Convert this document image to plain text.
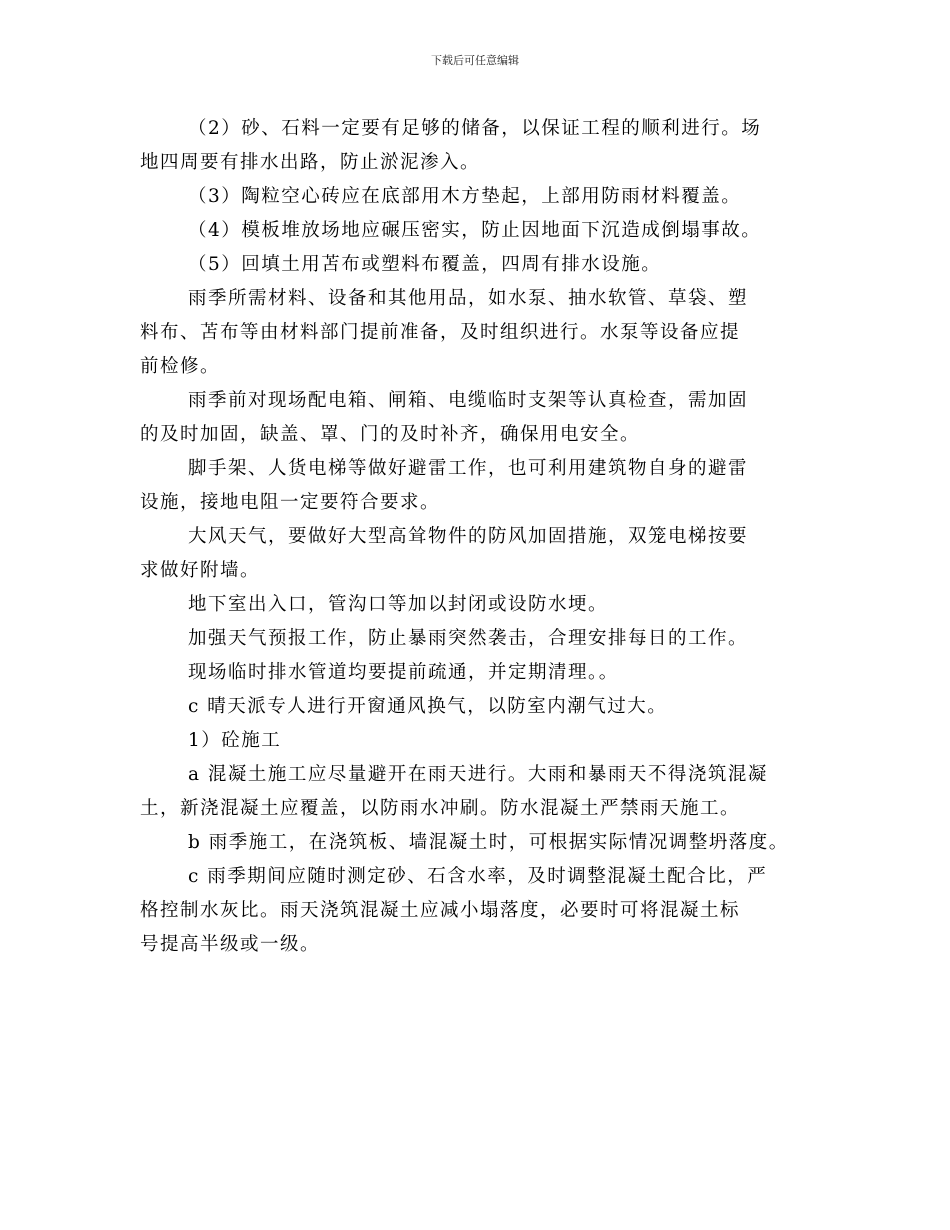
下载后可任意编辑
（2）砂、石料一定要有足够的储备，以保证工程的顺利进行。场
地四周要有排水出路，防止淤泥渗入。
（3）陶粒空心砖应在底部用木方垫起，上部用防雨材料覆盖。
（4）模板堆放场地应碾压密实，防止因地面下沉造成倒塌事故。
（5）回填土用苫布或塑料布覆盖，四周有排水设施。
雨季所需材料、设备和其他用品，如水泵、抽水软管、草袋、塑
料布、苫布等由材料部门提前准备，及时组织进行。水泵等设备应提
前检修。
雨季前对现场配电箱、闸箱、电缆临时支架等认真检查，需加固
的及时加固，缺盖、罩、门的及时补齐，确保用电安全。
脚手架、人货电梯等做好避雷工作，也可利用建筑物自身的避雷
设施，接地电阻一定要符合要求。
大风天气，要做好大型高耸物件的防风加固措施，双笼电梯按要
求做好附墙。
地下室出入口，管沟口等加以封闭或设防水埂。
加强天气预报工作，防止暴雨突然袭击，合理安排每日的工作。
现场临时排水管道均要提前疏通，并定期清理。。
c 晴天派专人进行开窗通风换气，以防室内潮气过大。
1）砼施工
a 混凝土施工应尽量避开在雨天进行。大雨和暴雨天不得浇筑混凝
土，新浇混凝土应覆盖，以防雨水冲刷。防水混凝土严禁雨天施工。
b 雨季施工，在浇筑板、墙混凝土时，可根据实际情况调整坍落度。
c 雨季期间应随时测定砂、石含水率，及时调整混凝土配合比，严
格控制水灰比。雨天浇筑混凝土应减小塌落度，必要时可将混凝土标
号提高半级或一级。
